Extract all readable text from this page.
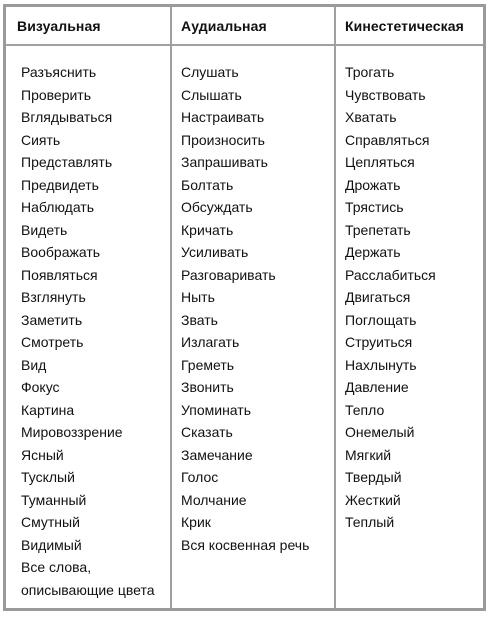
Визуальная	Аудиальная	Кинестетическая
Разъяснить
Проверить
Вглядываться
Сиять
Представлять
Предвидеть
Наблюдать
Видеть
Воображать
Появляться
Взглянуть
Заметить
Смотреть
Вид
Фокус
Картина
Мировоззрение
Ясный
Тусклый
Туманный
Смутный
Видимый
Все слова,
описывающие цвета
Слушать
Слышать
Настраивать
Произносить
Запрашивать
Болтать
Обсуждать
Кричать
Усиливать
Разговаривать
Ныть
Звать
Излагать
Греметь
Звонить
Упоминать
Сказать
Замечание
Голос
Молчание
Крик
Вся косвенная речь
Трогать
Чувствовать
Хватать
Справляться
Цепляться
Дрожать
Трястись
Трепетать
Держать
Расслабиться
Двигаться
Поглощать
Струиться
Нахлынуть
Давление
Тепло
Онемелый
Мягкий
Твердый
Жесткий
Теплый
